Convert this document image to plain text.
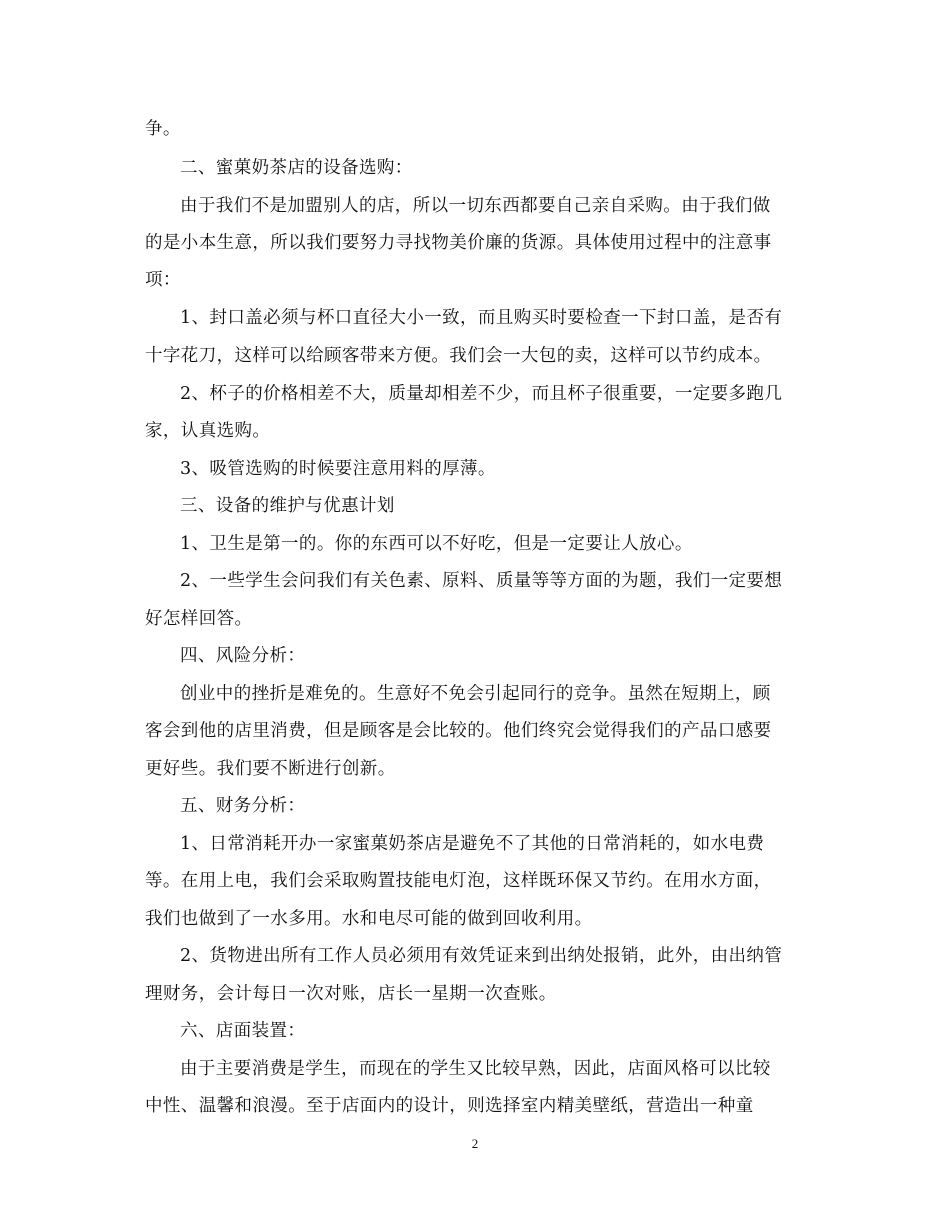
争。
二、蜜菓奶茶店的设备选购：
由于我们不是加盟别人的店，所以一切东西都要自己亲自采购。由于我们做
的是小本生意，所以我们要努力寻找物美价廉的货源。具体使用过程中的注意事
项：
1、封口盖必须与杯口直径大小一致，而且购买时要检查一下封口盖，是否有
十字花刀，这样可以给顾客带来方便。我们会一大包的卖，这样可以节约成本。
2、杯子的价格相差不大，质量却相差不少，而且杯子很重要，一定要多跑几
家，认真选购。
3、吸管选购的时候要注意用料的厚薄。
三、设备的维护与优惠计划
1、卫生是第一的。你的东西可以不好吃，但是一定要让人放心。
2、一些学生会问我们有关色素、原料、质量等等方面的为题，我们一定要想
好怎样回答。
四、风险分析：
创业中的挫折是难免的。生意好不免会引起同行的竞争。虽然在短期上，顾
客会到他的店里消费，但是顾客是会比较的。他们终究会觉得我们的产品口感要
更好些。我们要不断进行创新。
五、财务分析：
1、日常消耗开办一家蜜菓奶茶店是避免不了其他的日常消耗的，如水电费
等。在用上电，我们会采取购置技能电灯泡，这样既环保又节约。在用水方面，
我们也做到了一水多用。水和电尽可能的做到回收利用。
2、货物进出所有工作人员必须用有效凭证来到出纳处报销，此外，由出纳管
理财务，会计每日一次对账，店长一星期一次查账。
六、店面装置：
由于主要消费是学生，而现在的学生又比较早熟，因此，店面风格可以比较
中性、温馨和浪漫。至于店面内的设计，则选择室内精美壁纸，营造出一种童
2
